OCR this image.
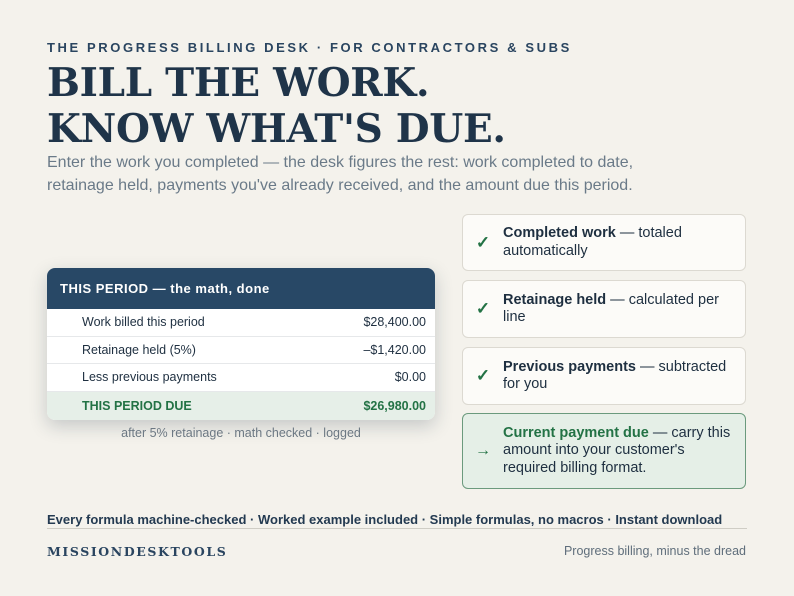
THE PROGRESS BILLING DESK · FOR CONTRACTORS & SUBS
BILL THE WORK.
KNOW WHAT'S DUE.

Enter the work you completed — the desk figures the rest: work completed to date, retainage held, payments you've already received, and the amount due this period.

THIS PERIOD — the math, done
Work billed this period	$28,400.00
Retainage held (5%)	–$1,420.00
Less previous payments	$0.00
THIS PERIOD DUE	$26,980.00
after 5% retainage · math checked · logged
✓ Completed work — totaled automatically
✓ Retainage held — calculated per line
✓ Previous payments — subtracted for you
→
Current payment due — carry this amount into your customer's required billing format.
Every formula machine-checked · Worked example included · Simple formulas, no macros · Instant download
MISSIONDESKTOOLS	Progress billing, minus the dread
